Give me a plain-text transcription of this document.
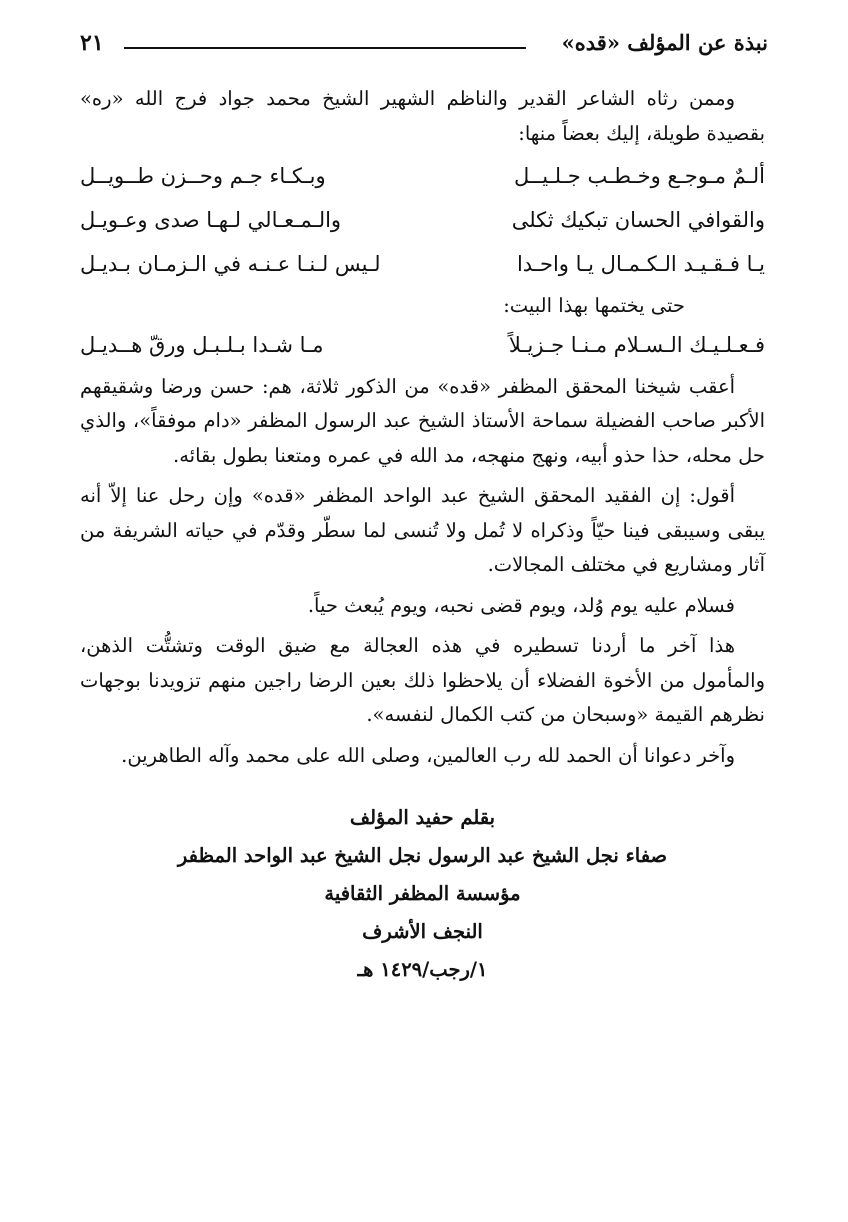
٢١	نبذة عن المؤلف «قده»

وممن رثاه الشاعر القدير والناظم الشهير الشيخ محمد جواد فرج الله «ره» بقصيدة طويلة، إليك بعضاً منها:

ألـمٌ مـوجـع وخـطـب جـلـيــل
وبـكـاء جـم وحــزن طــويــل
والقوافي الحسان تبكيك ثكلى
والـمـعـالي لـهـا صدى وعـويـل
يـا فـقـيـد الـكـمـال يـا واحـدا
لـيس لـنـا عـنـه في الـزمـان بـديـل

حتى يختمها بهذا البيت:

فـعـلـيـك الـسـلام مـنـا جـزيـلاً
مـا شـدا بـلـبـل ورقّ هــديـل

أعقب شيخنا المحقق المظفر «قده» من الذكور ثلاثة، هم: حسن ورضا وشقيقهم الأكبر صاحب الفضيلة سماحة الأستاذ الشيخ عبد الرسول المظفر «دام موفقاً»، والذي حل محله، حذا حذو أبيه، ونهج منهجه، مد الله في عمره ومتعنا بطول بقائه.

أقول: إن الفقيد المحقق الشيخ عبد الواحد المظفر «قده» وإن رحل عنا إلاّ أنه يبقى وسيبقى فينا حيّاً وذكراه لا تُمل ولا تُنسى لما سطّر وقدّم في حياته الشريفة من آثار ومشاريع في مختلف المجالات.

فسلام عليه يوم وُلد، ويوم قضى نحبه، ويوم يُبعث حياً.

هذا آخر ما أردنا تسطيره في هذه العجالة مع ضيق الوقت وتشتُّت الذهن، والمأمول من الأخوة الفضلاء أن يلاحظوا ذلك بعين الرضا راجين منهم تزويدنا بوجهات نظرهم القيمة «وسبحان من كتب الكمال لنفسه».

وآخر دعوانا أن الحمد لله رب العالمين، وصلى الله على محمد وآله الطاهرين.

بقلم حفيد المؤلف
صفاء نجل الشيخ عبد الرسول نجل الشيخ عبد الواحد المظفر
مؤسسة المظفر الثقافية
النجف الأشرف
١/رجب/١٤٢٩ هـ
